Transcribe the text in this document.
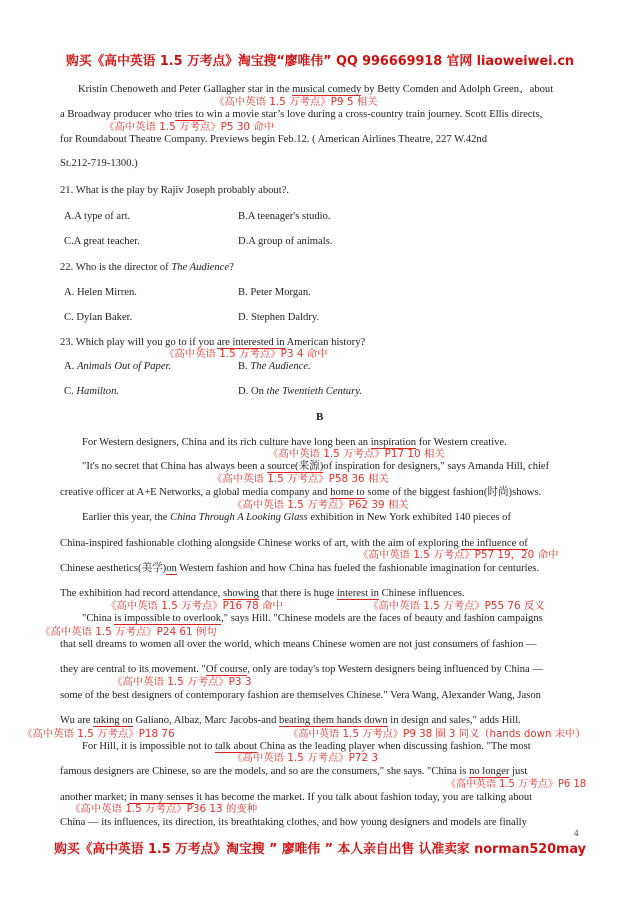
购买《高中英语 1.5 万考点》淘宝搜“廖唯伟” QQ 996669918 官网 liaoweiwei.cn
Kristin Chenoweth and Peter Gallagher star in the musical comedy by Betty Comden and Adolph Green、about
《高中英语 1.5 万考点》P9 5 相关
a Broadway producer who tries to win a movie star’s love during a cross-country train journey. Scott Ellis directs,
《高中英语 1.5 万考点》P5 30 命中
for Roundabout Theatre Company. Previews begin Feb.12. ( American Airlines Theatre, 227 W.42nd
St.212-719-1300.)
21. What is the play by Rajiv Joseph probably about?.
A.A type of art.	B.A teenager's studio.
C.A great teacher.	D.A group of animals.
22. Who is the director of The Audience?
A. Helen Mirren.	B. Peter Morgan.
C. Dylan Baker.	D. Stephen Daldry.
23. Which play will you go to if you are interested in American history?
《高中英语 1.5 万考点》P3 4 命中
A. Animals Out of Paper.	B. The Audience.
C. Hamilton.	D. On the Twentieth Century.
B
For Western designers, China and its rich culture have long been an inspiration for Western creative.
《高中英语 1.5 万考点》P17 10 相关
"It's no secret that China has always been a source(来源)of inspiration for designers," says Amanda Hill, chief
《高中英语 1.5 万考点》P58 36 相关
creative officer at A+E Networks, a global media company and home to some of the biggest fashion(时尚)shows.
《高中英语 1.5 万考点》P62 39 相关
Earlier this year, the China Through A Looking Glass exhibition in New York exhibited 140 pieces of
China-inspired fashionable clothing alongside Chinese works of art, with the aim of exploring the influence of
《高中英语 1.5 万考点》P57 19，20 命中
Chinese aesthetics(美学)on Western fashion and how China has fueled the fashionable imagination for centuries.
The exhibition had record attendance, showing that there is huge interest in Chinese influences.
《高中英语 1.5 万考点》P16 78 命中	《高中英语 1.5 万考点》P55 76 反义
"China is impossible to overlook," says Hill. "Chinese models are the faces of beauty and fashion campaigns
《高中英语 1.5 万考点》P24 61 例句
that sell dreams to women all over the world, which means Chinese women are not just consumers of fashion —
they are central to its movement. "Of course, only are today's top Western designers being influenced by China —
《高中英语 1.5 万考点》P3 3
some of the best designers of contemporary fashion are themselves Chinese." Vera Wang, Alexander Wang, Jason
Wu are taking on Galiano, Albaz, Marc Jacobs-and beating them hands down in design and sales," adds Hill.
《高中英语 1.5 万考点》P18 76	《高中英语 1.5 万考点》P9 38 圈 3 同义（hands down 末中）
For Hill, it is impossible not to talk about China as the leading player when discussing fashion. "The most
《高中英语 1.5 万考点》P72 3
famous designers are Chinese, so are the models, and so are the consumers," she says. "China is no longer just
《高中英语 1.5 万考点》P6 18
another market; in many senses it has become the market. If you talk about fashion today, you are talking about
《高中英语 1.5 万考点》P36 13 的变种
China — its influences, its direction, its breathtaking clothes, and how young designers and models are finally
4
购买《高中英语 1.5 万考点》淘宝搜 ” 廖唯伟 ” 本人亲自出售 认准卖家 norman520may
